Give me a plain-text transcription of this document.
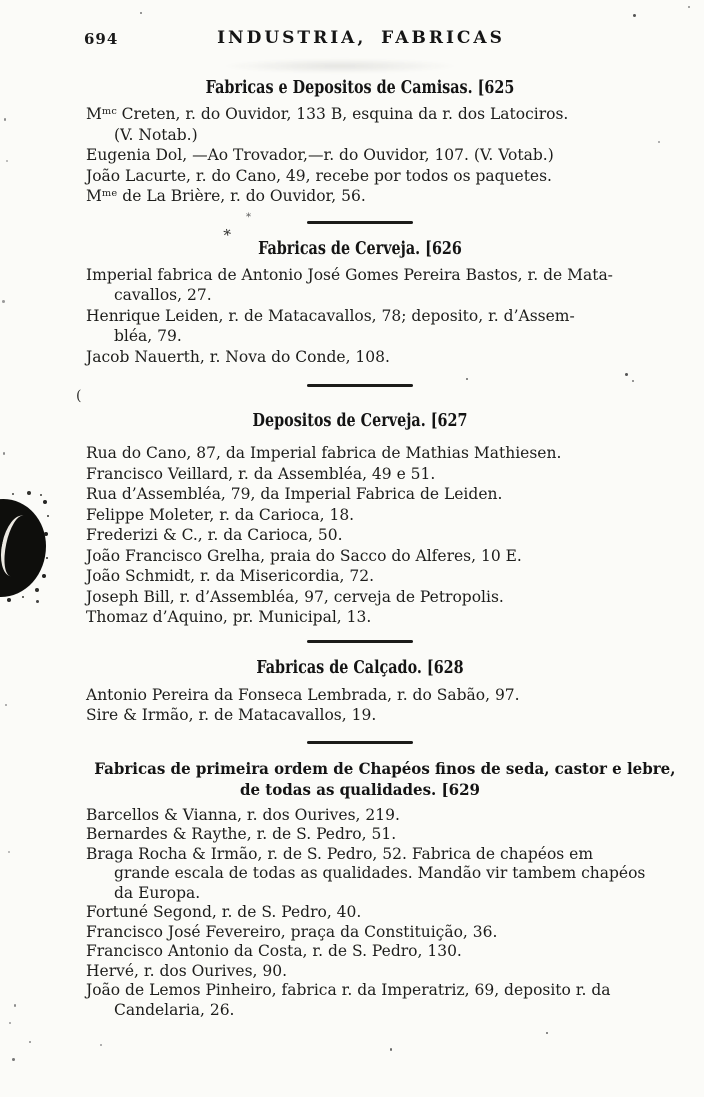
694	INDUSTRIA, FABRICAS
Fabricas e Depositos de Camisas. [625

Mᵐᶜ Creten, r. do Ouvidor, 133 B, esquina da r. dos Latociros.
(V. Notab.)

Eugenia Dol, —Ao Trovador,—r. do Ouvidor, 107. (V. Votab.)

João Lacurte, r. do Cano, 49, recebe por todos os paquetes.

Mᵐᵉ de La Brière, r. do Ouvidor, 56.

Fabricas de Cerveja. [626

Imperial fabrica de Antonio José Gomes Pereira Bastos, r. de Mata-
cavallos, 27.

Henrique Leiden, r. de Matacavallos, 78; deposito, r. d’Assem-
bléa, 79.

Jacob Nauerth, r. Nova do Conde, 108.

Depositos de Cerveja. [627

Rua do Cano, 87, da Imperial fabrica de Mathias Mathiesen.

Francisco Veillard, r. da Assembléa, 49 e 51.

Rua d’Assembléa, 79, da Imperial Fabrica de Leiden.

Felippe Moleter, r. da Carioca, 18.

Frederizi & C., r. da Carioca, 50.

João Francisco Grelha, praia do Sacco do Alferes, 10 E.

João Schmidt, r. da Misericordia, 72.

Joseph Bill, r. d’Assembléa, 97, cerveja de Petropolis.

Thomaz d’Aquino, pr. Municipal, 13.

Fabricas de Calçado. [628

Antonio Pereira da Fonseca Lembrada, r. do Sabão, 97.

Sire & Irmão, r. de Matacavallos, 19.

Fabricas de primeira ordem de Chapéos finos de seda, castor e lebre,
de todas as qualidades. [629

Barcellos & Vianna, r. dos Ourives, 219.

Bernardes & Raythe, r. de S. Pedro, 51.

Braga Rocha & Irmão, r. de S. Pedro, 52. Fabrica de chapéos em
grande escala de todas as qualidades. Mandão vir tambem chapéos
da Europa.

Fortuné Segond, r. de S. Pedro, 40.

Francisco José Fevereiro, praça da Constituição, 36.

Francisco Antonio da Costa, r. de S. Pedro, 130.

Hervé, r. dos Ourives, 90.

João de Lemos Pinheiro, fabrica r. da Imperatriz, 69, deposito r. da
Candelaria, 26.

(
*
*
